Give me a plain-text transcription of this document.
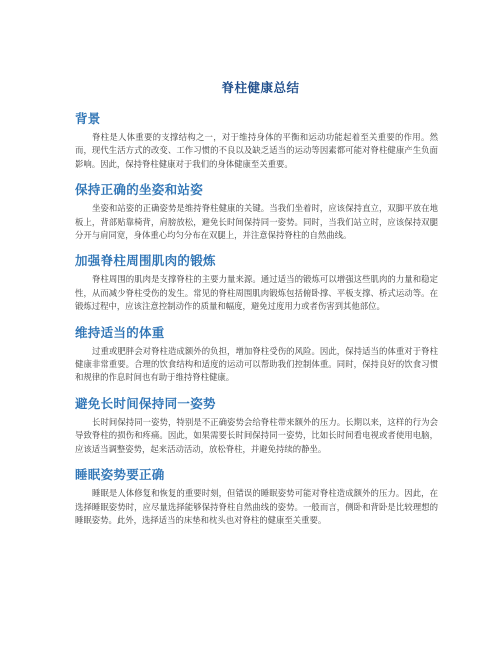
脊柱健康总结
背景

脊柱是人体重要的支撑结构之一，对于维持身体的平衡和运动功能起着至关重要的作用。然而，现代生活方式的改变、工作习惯的不良以及缺乏适当的运动等因素都可能对脊柱健康产生负面影响。因此，保持脊柱健康对于我们的身体健康至关重要。

保持正确的坐姿和站姿

坐姿和站姿的正确姿势是维持脊柱健康的关键。当我们坐着时，应该保持直立，双脚平放在地板上，背部贴靠椅背，肩膀放松，避免长时间保持同一姿势。同时，当我们站立时，应该保持双腿分开与肩同宽，身体重心均匀分布在双腿上，并注意保持脊柱的自然曲线。

加强脊柱周围肌肉的锻炼

脊柱周围的肌肉是支撑脊柱的主要力量来源。通过适当的锻炼可以增强这些肌肉的力量和稳定性，从而减少脊柱受伤的发生。常见的脊柱周围肌肉锻炼包括俯卧撑、平板支撑、桥式运动等。在锻炼过程中，应该注意控制动作的质量和幅度，避免过度用力或者伤害到其他部位。

维持适当的体重

过重或肥胖会对脊柱造成额外的负担，增加脊柱受伤的风险。因此，保持适当的体重对于脊柱健康非常重要。合理的饮食结构和适度的运动可以帮助我们控制体重。同时，保持良好的饮食习惯和规律的作息时间也有助于维持脊柱健康。

避免长时间保持同一姿势

长时间保持同一姿势，特别是不正确姿势会给脊柱带来额外的压力。长期以来，这样的行为会导致脊柱的损伤和疼痛。因此，如果需要长时间保持同一姿势，比如长时间看电视或者使用电脑，应该适当调整姿势，起来活动活动，放松脊柱，并避免持续的静坐。

睡眠姿势要正确

睡眠是人体修复和恢复的重要时刻，但错误的睡眠姿势可能对脊柱造成额外的压力。因此，在选择睡眠姿势时，应尽量选择能够保持脊柱自然曲线的姿势。一般而言，侧卧和背卧是比较理想的睡眠姿势。此外，选择适当的床垫和枕头也对脊柱的健康至关重要。
